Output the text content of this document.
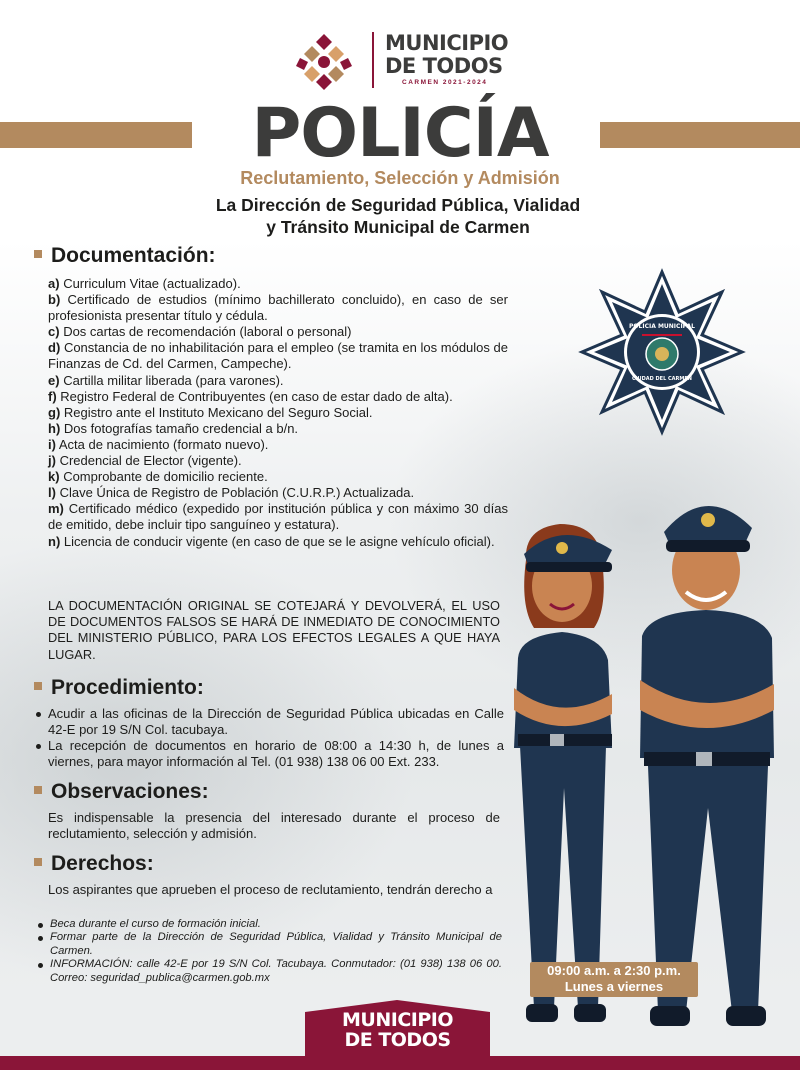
MUNICIPIO
DE TODOS
CARMEN 2021-2024
POLICÍA
Reclutamiento, Selección y Admisión
La Dirección de Seguridad Pública, Vialidad
y Tránsito Municipal de Carmen
Documentación:
a) Curriculum Vitae (actualizado).
b) Certificado de estudios (mínimo bachillerato concluido), en caso de ser profesionista presentar título y cédula.
c) Dos cartas de recomendación (laboral o personal)
d) Constancia de no inhabilitación para el empleo (se tramita en los módulos de Finanzas de Cd. del Carmen, Campeche).
e) Cartilla militar liberada (para varones).
f) Registro Federal de Contribuyentes (en caso de estar dado de alta).
g) Registro ante el Instituto Mexicano del Seguro Social.
h) Dos fotografías tamaño credencial a b/n.
i) Acta de nacimiento (formato nuevo).
j) Credencial de Elector (vigente).
k) Comprobante de domicilio reciente.
l) Clave Única de Registro de Población (C.U.R.P.) Actualizada.
m) Certificado médico (expedido por institución pública y con máximo 30 días de emitido, debe incluir tipo sanguíneo y estatura).
n) Licencia de conducir vigente (en caso de que se le asigne vehículo oficial).
LA DOCUMENTACIÓN ORIGINAL SE COTEJARÁ Y DEVOLVERÁ, EL USO DE DOCUMENTOS FALSOS SE HARÁ DE INMEDIATO DE CONOCIMIENTO DEL MINISTERIO PÚBLICO, PARA LOS EFECTOS LEGALES A QUE HAYA LUGAR.
Procedimiento:
Acudir a las oficinas de la Dirección de Seguridad Pública ubicadas en Calle 42-E por 19 S/N Col. tacubaya.
La recepción de documentos en horario de 08:00 a 14:30 h, de lunes a viernes, para mayor información al Tel. (01 938) 138 06 00 Ext. 233.
Observaciones:
Es indispensable la presencia del interesado durante el proceso de reclutamiento, selección y admisión.
Derechos:
Los aspirantes que aprueben el proceso de reclutamiento, tendrán derecho a
Beca durante el curso de formación inicial.
Formar parte de la Dirección de Seguridad Pública, Vialidad y Tránsito Municipal de Carmen.
INFORMACIÓN: calle 42-E por 19 S/N Col. Tacubaya. Conmutador: (01 938) 138 06 00. Correo: seguridad_publica@carmen.gob.mx
POLICIA MUNICIPAL
CIUDAD DEL CARMEN
09:00 a.m. a 2:30 p.m.
Lunes a viernes
MUNICIPIO
DE TODOS
